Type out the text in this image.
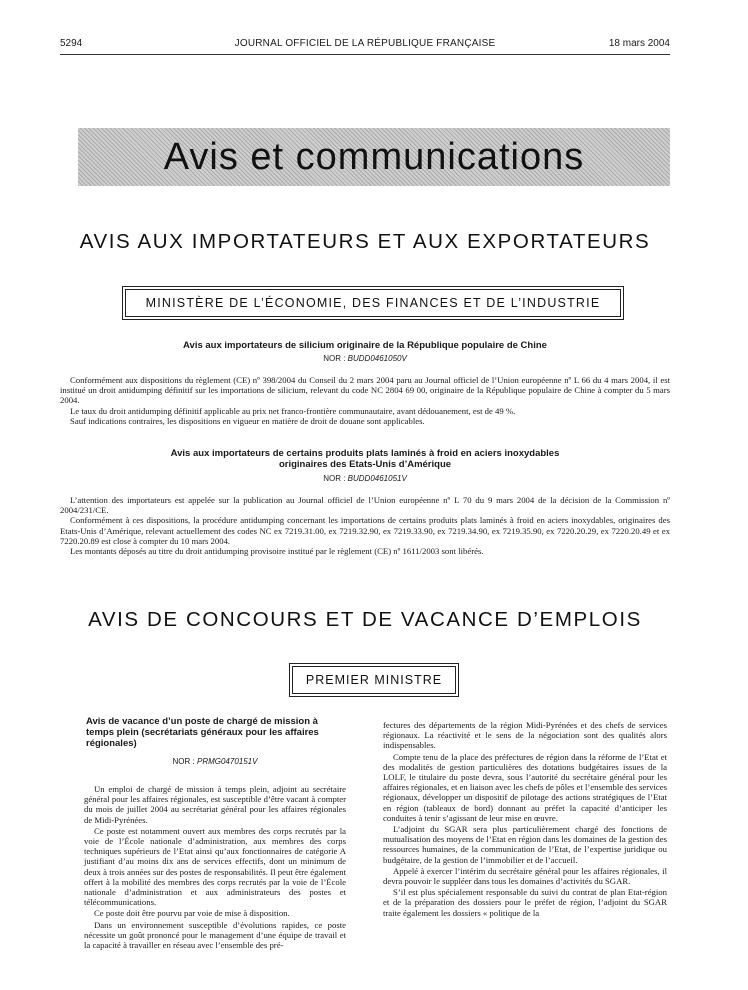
5294	JOURNAL OFFICIEL DE LA RÉPUBLIQUE FRANÇAISE	18 mars 2004
Avis et communications
AVIS AUX IMPORTATEURS ET AUX EXPORTATEURS
MINISTÈRE DE L’ÉCONOMIE, DES FINANCES ET DE L’INDUSTRIE
Avis aux importateurs de silicium originaire de la République populaire de Chine
NOR : BUDD0461050V

Conformément aux dispositions du règlement (CE) nº 398/2004 du Conseil du 2 mars 2004 paru au Journal officiel de l’Union européenne nº L 66 du 4 mars 2004, il est institué un droit antidumping définitif sur les importations de silicium, relevant du code NC 2804 69 00, originaire de la République populaire de Chine à compter du 5 mars 2004.

Le taux du droit antidumping définitif applicable au prix net franco-frontière communautaire, avant dédouanement, est de 49 %.

Sauf indications contraires, les dispositions en vigueur en matière de droit de douane sont applicables.

Avis aux importateurs de certains produits plats laminés à froid en aciers inoxydables
originaires des Etats-Unis d’Amérique
NOR : BUDD0461051V

L’attention des importateurs est appelée sur la publication au Journal officiel de l’Union européenne nº L 70 du 9 mars 2004 de la décision de la Commission nº 2004/231/CE.

Conformément à ces dispositions, la procédure antidumping concernant les importations de certains produits plats laminés à froid en aciers inoxydables, originaires des Etats-Unis d’Amérique, relevant actuellement des codes NC ex 7219.31.00, ex 7219.32.90, ex 7219.33.90, ex 7219.34.90, ex 7219.35.90, ex 7220.20.29, ex 7220.20.49 et ex 7220.20.89 est close à compter du 10 mars 2004.

Les montants déposés au titre du droit antidumping provisoire institué par le règlement (CE) nº 1611/2003 sont libérés.

AVIS DE CONCOURS ET DE VACANCE D’EMPLOIS
PREMIER MINISTRE
Avis de vacance d’un poste de chargé de mission à temps plein (secrétariats généraux pour les affaires régionales)
NOR : PRMG0470151V

Un emploi de chargé de mission à temps plein, adjoint au secrétaire général pour les affaires régionales, est susceptible d’être vacant à compter du mois de juillet 2004 au secrétariat général pour les affaires régionales de Midi-Pyrénées.

Ce poste est notamment ouvert aux membres des corps recrutés par la voie de l’École nationale d’administration, aux membres des corps techniques supérieurs de l’Etat ainsi qu’aux fonctionnaires de catégorie A justifiant d’au moins dix ans de services effectifs, dont un minimum de deux à trois années sur des postes de responsabilités. Il peut être également offert à la mobilité des membres des corps recrutés par la voie de l’École nationale d’administration et aux administrateurs des postes et télécommunications.

Ce poste doit être pourvu par voie de mise à disposition.

Dans un environnement susceptible d’évolutions rapides, ce poste nécessite un goût prononcé pour le management d’une équipe de travail et la capacité à travailler en réseau avec l’ensemble des pré-

fectures des départements de la région Midi-Pyrénées et des chefs de services régionaux. La réactivité et le sens de la négociation sont des qualités alors indispensables.

Compte tenu de la place des préfectures de région dans la réforme de l’Etat et des modalités de gestion particulières des dotations budgétaires issues de la LOLF, le titulaire du poste devra, sous l’autorité du secrétaire général pour les affaires régionales, et en liaison avec les chefs de pôles et l’ensemble des services régionaux, développer un dispositif de pilotage des actions stratégiques de l’Etat en région (tableaux de bord) donnant au préfet la capacité d’anticiper les conduites à tenir s’agissant de leur mise en œuvre.

L’adjoint du SGAR sera plus particulièrement chargé des fonctions de mutualisation des moyens de l’Etat en région dans les domaines de la gestion des ressources humaines, de la communication de l’Etat, de l’expertise juridique ou budgétaire, de la gestion de l’immobilier et de l’accueil.

Appelé à exercer l’intérim du secrétaire général pour les affaires régionales, il devra pouvoir le suppléer dans tous les domaines d’activités du SGAR.

S’il est plus spécialement responsable du suivi du contrat de plan Etat-région et de la préparation des dossiers pour le préfet de région, l’adjoint du SGAR traite également les dossiers « politique de la
